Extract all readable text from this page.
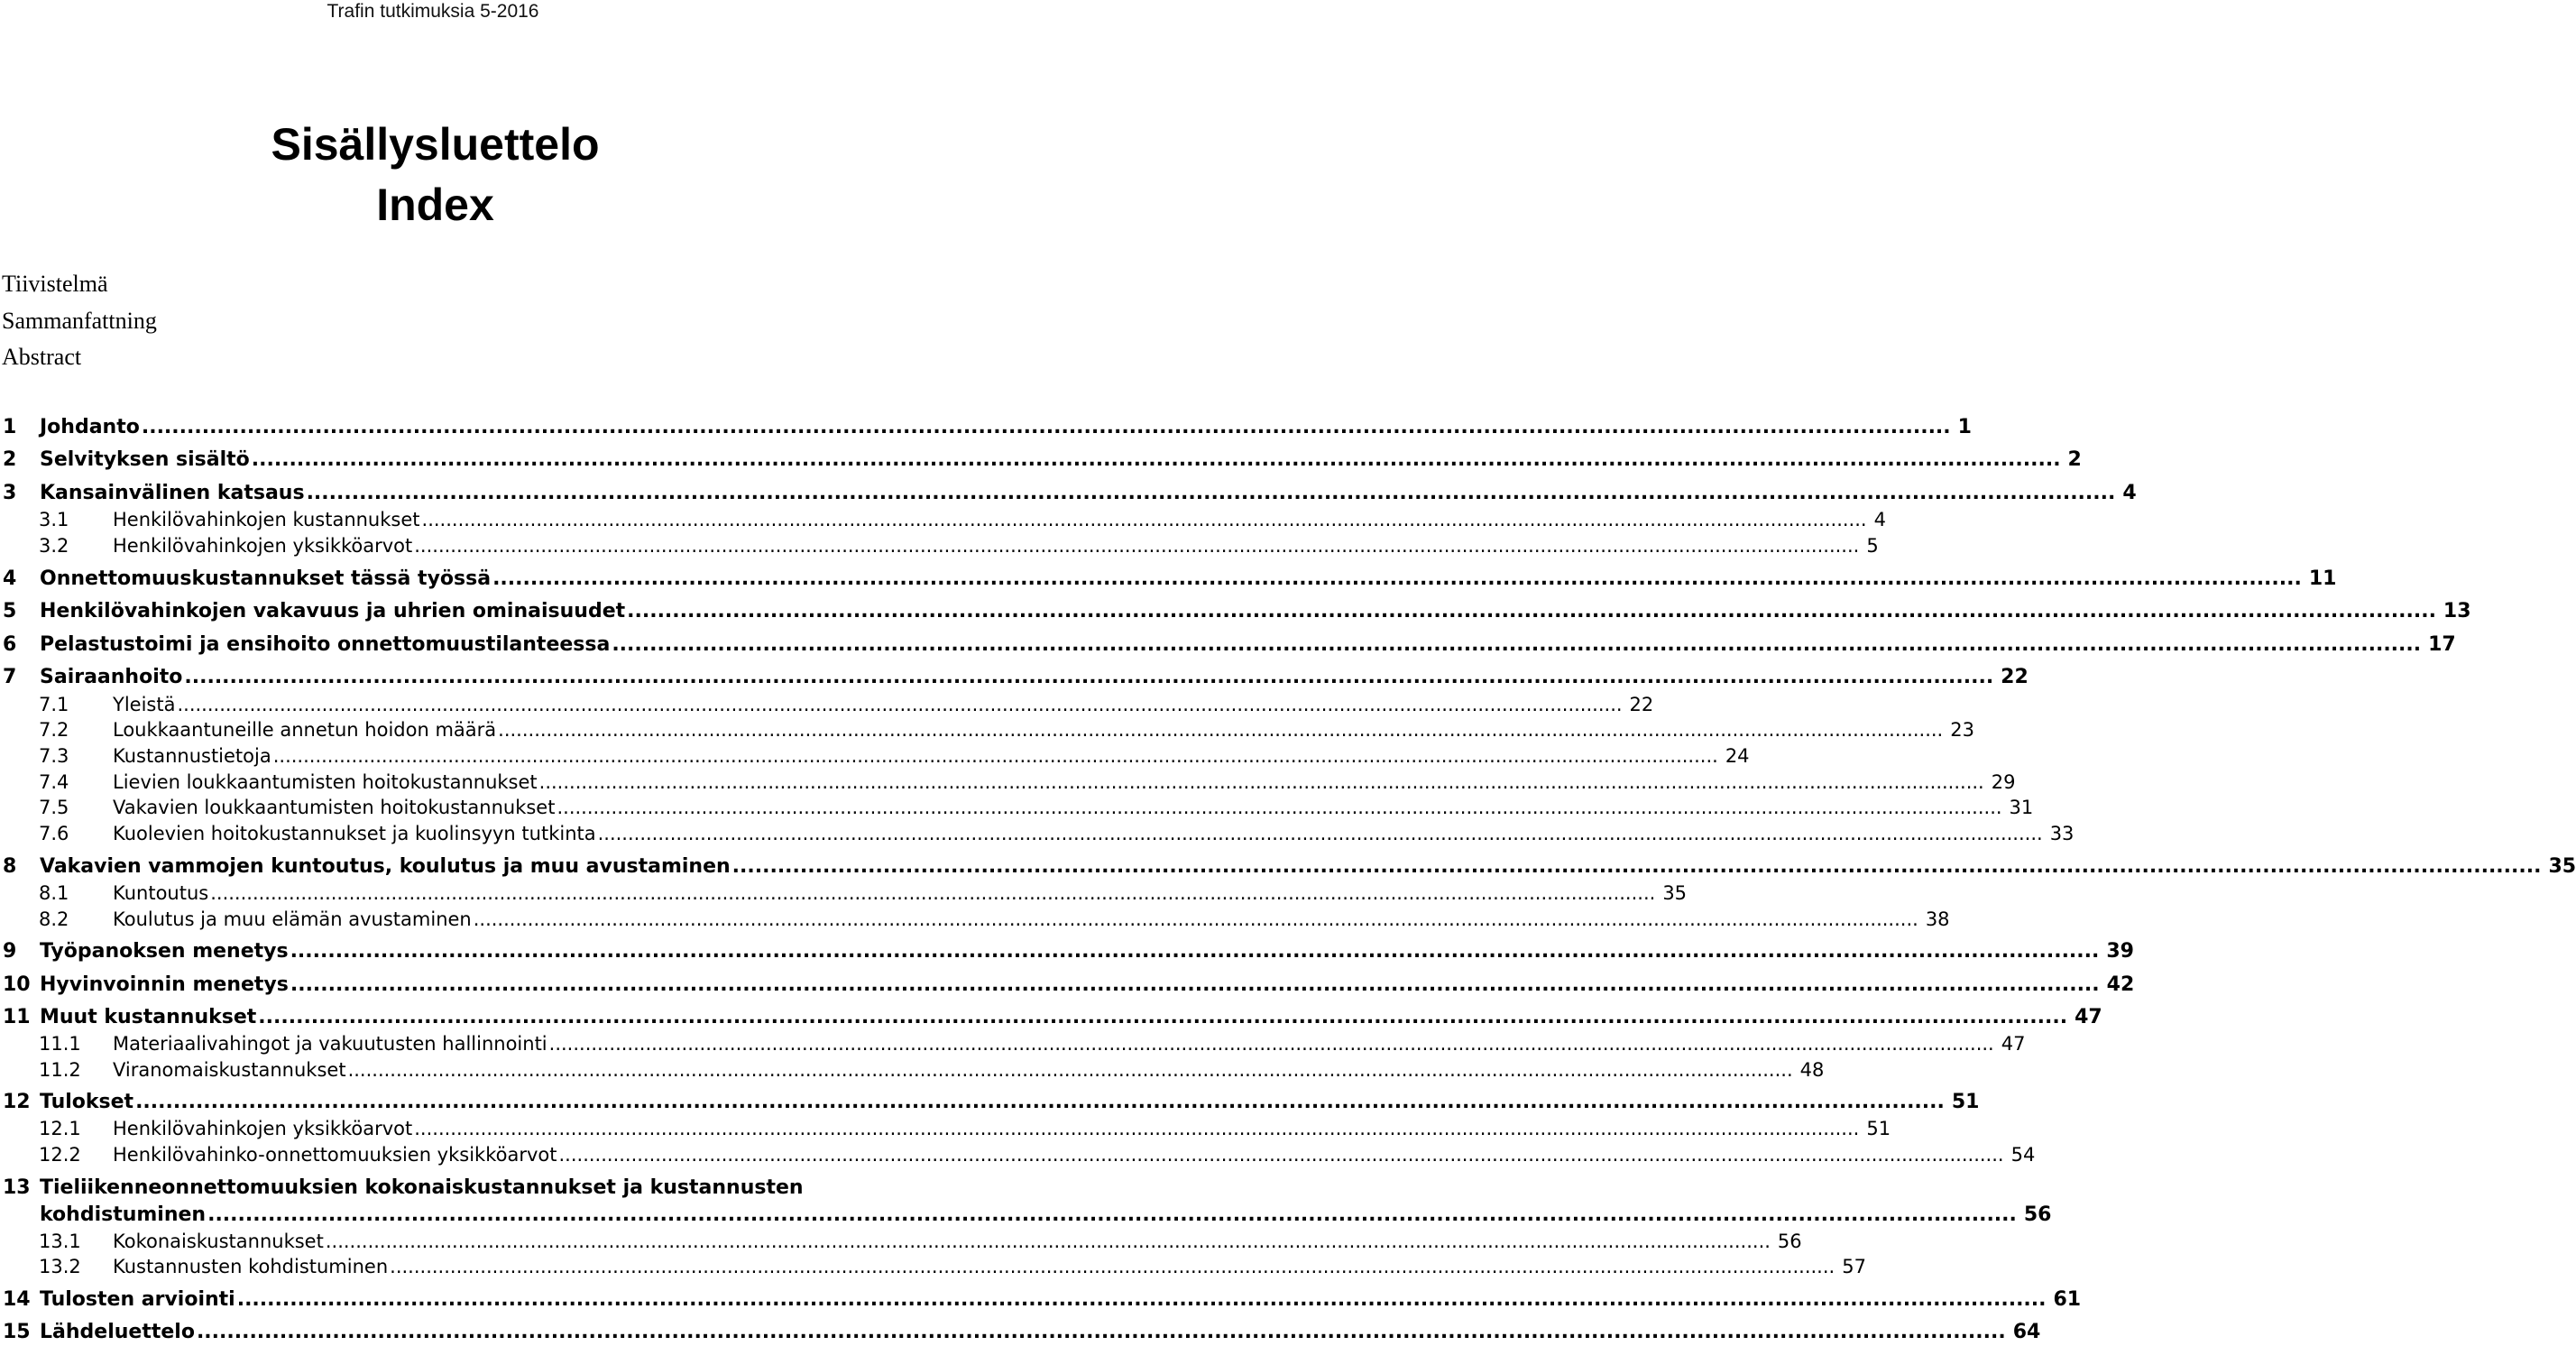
Trafin tutkimuksia 5-2016
Sisällysluettelo
Index
Tiivistelmä
Sammanfattning
Abstract
1	Johdanto .....	1
2	Selvityksen sisältö .....	2
3	Kansainvälinen katsaus .....	4
3.1	Henkilövahinkojen kustannukset .....	4
3.2	Henkilövahinkojen yksikköarvot .....	5
4	Onnettomuuskustannukset tässä työssä .....	11
5	Henkilövahinkojen vakavuus ja uhrien ominaisuudet .....	13
6	Pelastustoimi ja ensihoito onnettomuustilanteessa .....	17
7	Sairaanhoito .....	22
7.1	Yleistä .....	22
7.2	Loukkaantuneille annetun hoidon määrä .....	23
7.3	Kustannustietoja .....	24
7.4	Lievien loukkaantumisten hoitokustannukset .....	29
7.5	Vakavien loukkaantumisten hoitokustannukset .....	31
7.6	Kuolevien hoitokustannukset ja kuolinsyyn tutkinta .....	33
8	Vakavien vammojen kuntoutus, koulutus ja muu avustaminen .....	35
8.1	Kuntoutus .....	35
8.2	Koulutus ja muu elämän avustaminen .....	38
9	Työpanoksen menetys .....	39
10 Hyvinvoinnin menetys .....	42
11 Muut kustannukset .....	47
11.1	Materiaalivahingot ja vakuutusten hallinnointi .....	47
11.2	Viranomaiskustannukset .....	48
12 Tulokset .....	51
12.1	Henkilövahinkojen yksikköarvot .....	51
12.2	Henkilövahinko-onnettomuuksien yksikköarvot .....	54
13 Tieliikenneonnettomuuksien kokonaiskustannukset ja kustannusten
kohdistuminen .....	56
13.1	Kokonaiskustannukset .....	56
13.2	Kustannusten kohdistuminen .....	57
14 Tulosten arviointi .....	61
15 Lähdeluettelo .....	64
